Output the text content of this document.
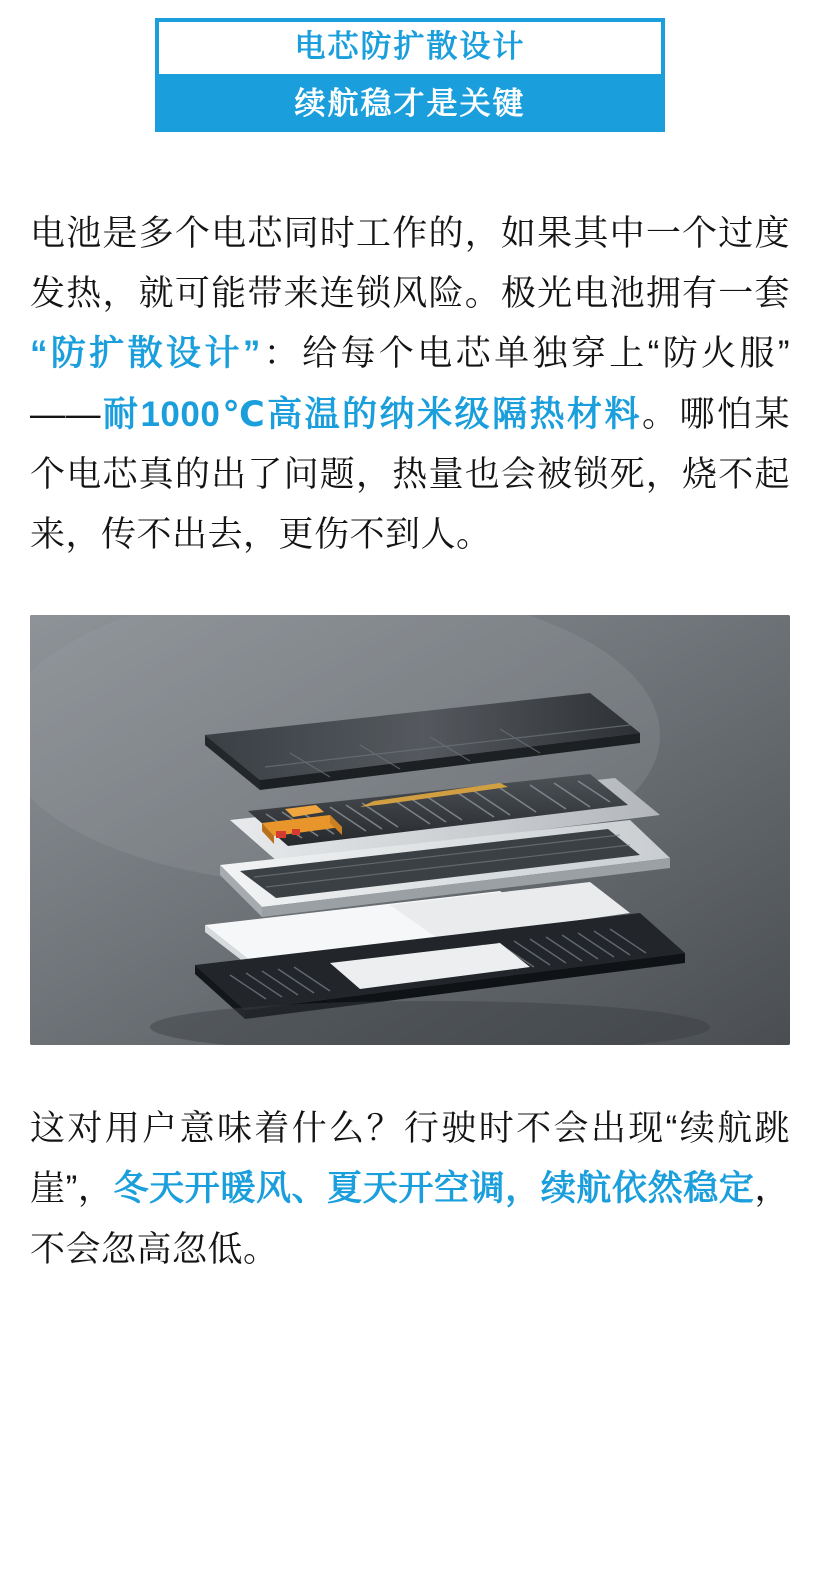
电芯防扩散设计
续航稳才是关键

电池是多个电芯同时工作的，如果其中一个过度发热，就可能带来连锁风险。极光电池拥有一套“防扩散设计”：给每个电芯单独穿上“防火服”——耐1000℃高温的纳米级隔热材料。哪怕某个电芯真的出了问题，热量也会被锁死，烧不起来，传不出去，更伤不到人。

这对用户意味着什么？行驶时不会出现“续航跳崖”，冬天开暖风、夏天开空调，续航依然稳定，不会忽高忽低。
